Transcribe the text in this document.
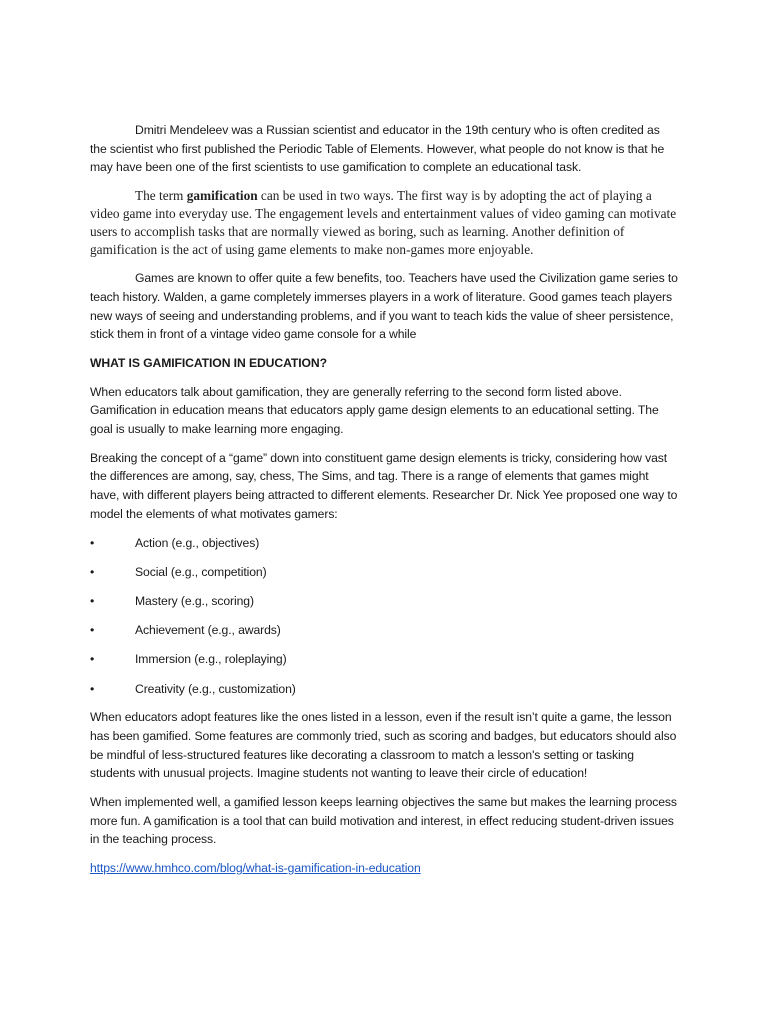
Dmitri Mendeleev was a Russian scientist and educator in the 19th century who is often credited as the scientist who first published the Periodic Table of Elements. However, what people do not know is that he may have been one of the first scientists to use gamification to complete an educational task.

The term gamification can be used in two ways. The first way is by adopting the act of playing a video game into everyday use. The engagement levels and entertainment values of video gaming can motivate users to accomplish tasks that are normally viewed as boring, such as learning. Another definition of gamification is the act of using game elements to make non-games more enjoyable.

Games are known to offer quite a few benefits, too. Teachers have used the Civilization game series to teach history. Walden, a game completely immerses players in a work of literature. Good games teach players new ways of seeing and understanding problems, and if you want to teach kids the value of sheer persistence, stick them in front of a vintage video game console for a while

WHAT IS GAMIFICATION IN EDUCATION?

When educators talk about gamification, they are generally referring to the second form listed above. Gamification in education means that educators apply game design elements to an educational setting. The goal is usually to make learning more engaging.

Breaking the concept of a “game” down into constituent game design elements is tricky, considering how vast the differences are among, say, chess, The Sims, and tag. There is a range of elements that games might have, with different players being attracted to different elements. Researcher Dr. Nick Yee proposed one way to model the elements of what motivates gamers:

•	Action (e.g., objectives)
•	Social (e.g., competition)
•	Mastery (e.g., scoring)
•	Achievement (e.g., awards)
•	Immersion (e.g., roleplaying)
•	Creativity (e.g., customization)

When educators adopt features like the ones listed in a lesson, even if the result isn’t quite a game, the lesson has been gamified. Some features are commonly tried, such as scoring and badges, but educators should also be mindful of less-structured features like decorating a classroom to match a lesson's setting or tasking students with unusual projects. Imagine students not wanting to leave their circle of education!

When implemented well, a gamified lesson keeps learning objectives the same but makes the learning process more fun. A gamification is a tool that can build motivation and interest, in effect reducing student-driven issues in the teaching process.

https://www.hmhco.com/blog/what-is-gamification-in-education
